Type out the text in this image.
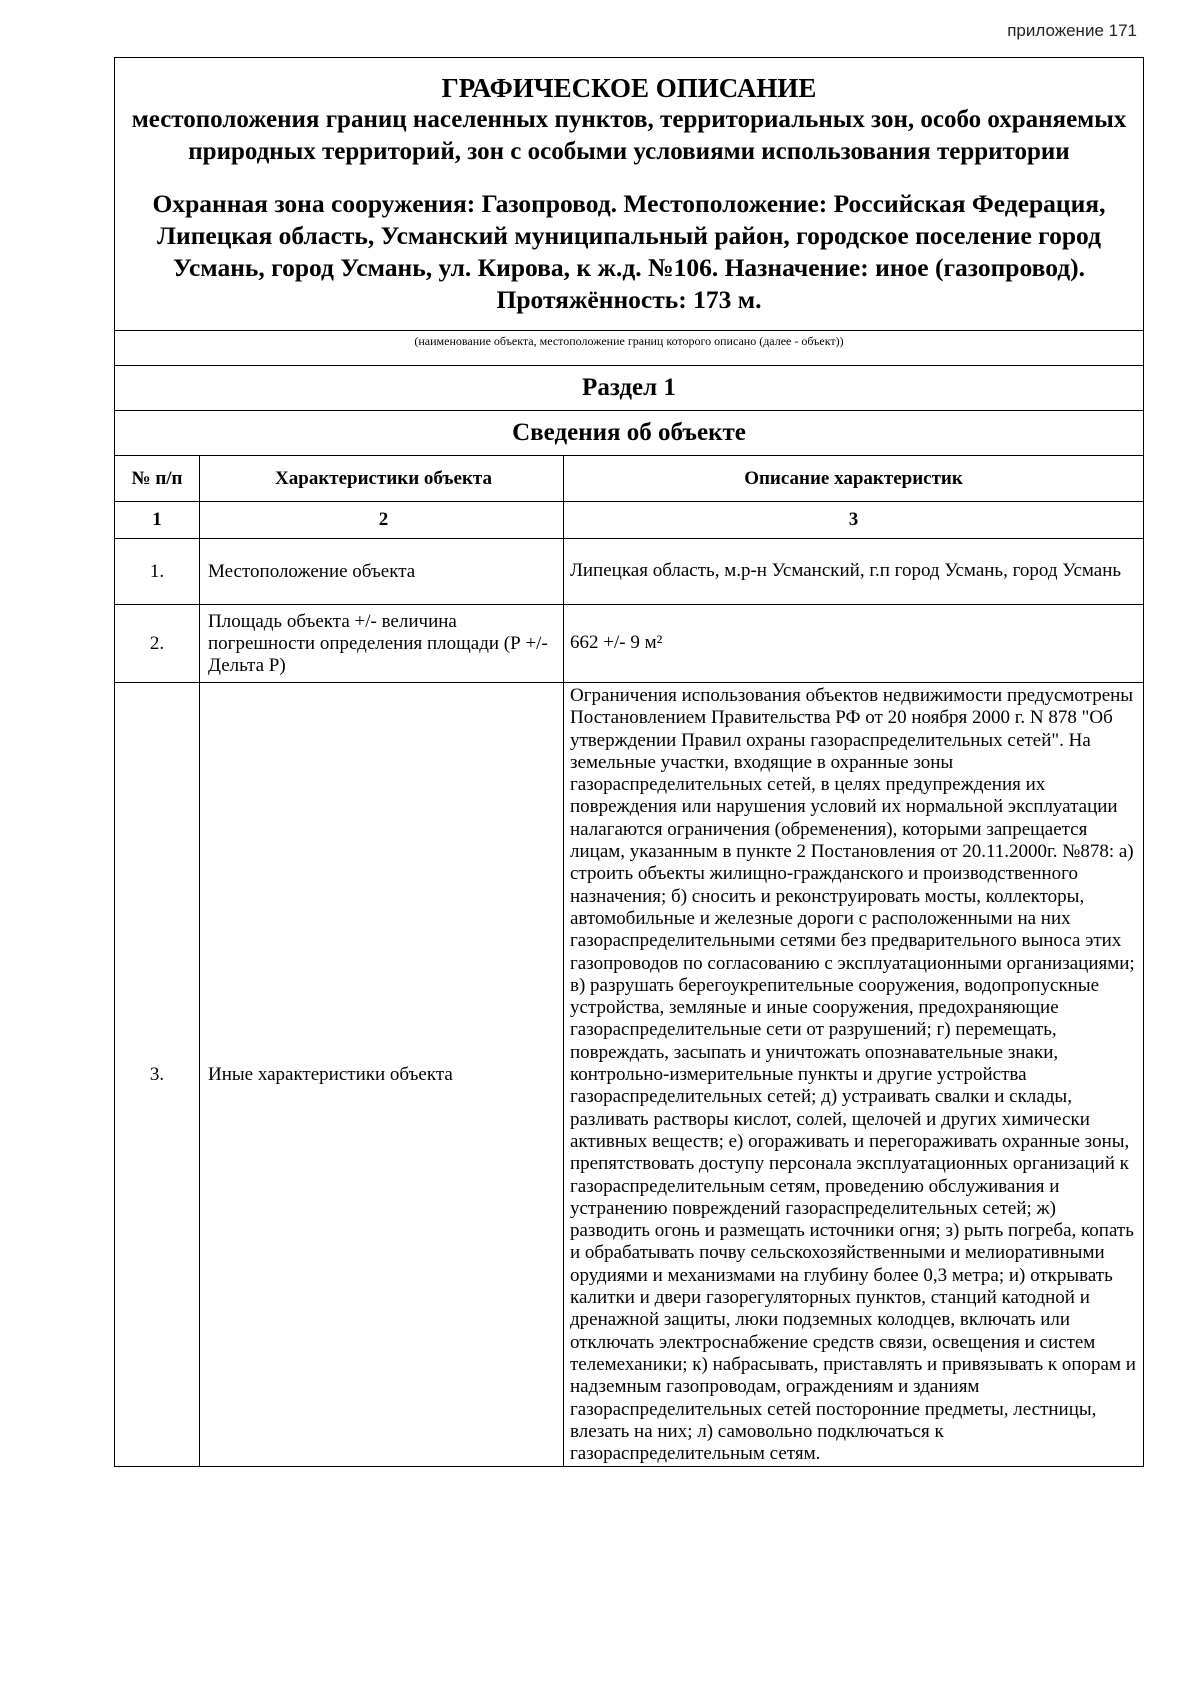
приложение 171
ГРАФИЧЕСКОЕ ОПИСАНИЕ
местоположения границ населенных пунктов, территориальных зон, особо охраняемых природных территорий, зон с особыми условиями использования территории
Охранная зона сооружения: Газопровод. Местоположение: Российская Федерация, Липецкая область, Усманский муниципальный район, городское поселение город Усмань, город Усмань, ул. Кирова, к ж.д. №106. Назначение: иное (газопровод). Протяжённость: 173 м.
(наименование объекта, местоположение границ которого описано (далее - объект))
Раздел 1
Сведения об объекте
№ п/п	Характеристики объекта	Описание характеристик
1	2	3
1.	Местоположение объекта	Липецкая область, м.р-н Усманский, г.п город Усмань, город Усмань
2.	Площадь объекта +/- величина погрешности определения площади (Р +/- Дельта Р)	662 +/- 9 м²
3.	Иные характеристики объекта	Ограничения использования объектов недвижимости предусмотрены Постановлением Правительства РФ от 20 ноября 2000 г. N 878 "Об утверждении Правил охраны газораспределительных сетей". На земельные участки, входящие в охранные зоны газораспределительных сетей, в целях предупреждения их повреждения или нарушения условий их нормальной эксплуатации налагаются ограничения (обременения), которыми запрещается лицам, указанным в пункте 2 Постановления от 20.11.2000г. №878: а) строить объекты жилищно-гражданского и производственного назначения; б) сносить и реконструировать мосты, коллекторы, автомобильные и железные дороги с расположенными на них газораспределительными сетями без предварительного выноса этих газопроводов по согласованию с эксплуатационными организациями; в) разрушать берегоукрепительные сооружения, водопропускные устройства, земляные и иные сооружения, предохраняющие газораспределительные сети от разрушений; г) перемещать, повреждать, засыпать и уничтожать опознавательные знаки, контрольно-измерительные пункты и другие устройства газораспределительных сетей; д) устраивать свалки и склады, разливать растворы кислот, солей, щелочей и других химически активных веществ; е) огораживать и перегораживать охранные зоны, препятствовать доступу персонала эксплуатационных организаций к газораспределительным сетям, проведению обслуживания и устранению повреждений газораспределительных сетей; ж) разводить огонь и размещать источники огня; з) рыть погреба, копать и обрабатывать почву сельскохозяйственными и мелиоративными орудиями и механизмами на глубину более 0,3 метра; и) открывать калитки и двери газорегуляторных пунктов, станций катодной и дренажной защиты, люки подземных колодцев, включать или отключать электроснабжение средств связи, освещения и систем телемеханики; к) набрасывать, приставлять и привязывать к опорам и надземным газопроводам, ограждениям и зданиям газораспределительных сетей посторонние предметы, лестницы, влезать на них; л) самовольно подключаться к газораспределительным сетям.
